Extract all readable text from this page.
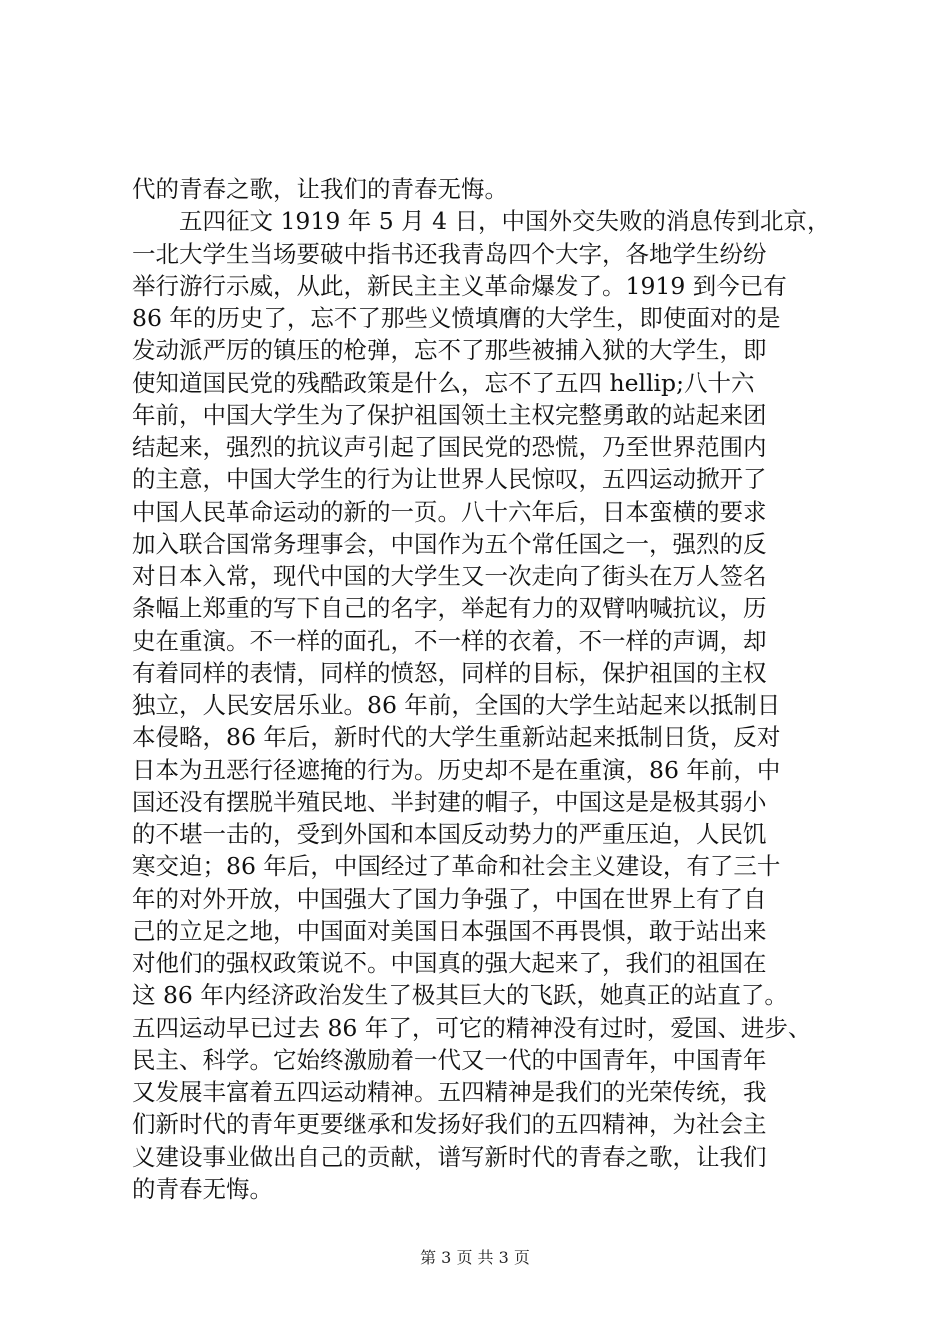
代的青春之歌，让我们的青春无悔。
　　五四征文 1919 年 5 月 4 日，中国外交失败的消息传到北京，
一北大学生当场要破中指书还我青岛四个大字，各地学生纷纷
举行游行示威，从此，新民主主义革命爆发了。1919 到今已有
86 年的历史了，忘不了那些义愤填膺的大学生，即使面对的是
发动派严厉的镇压的枪弹，忘不了那些被捕入狱的大学生，即
使知道国民党的残酷政策是什么，忘不了五四 hellip;八十六
年前，中国大学生为了保护祖国领土主权完整勇敢的站起来团
结起来，强烈的抗议声引起了国民党的恐慌，乃至世界范围内
的主意，中国大学生的行为让世界人民惊叹，五四运动掀开了
中国人民革命运动的新的一页。八十六年后，日本蛮横的要求
加入联合国常务理事会，中国作为五个常任国之一，强烈的反
对日本入常，现代中国的大学生又一次走向了街头在万人签名
条幅上郑重的写下自己的名字，举起有力的双臂呐喊抗议，历
史在重演。不一样的面孔，不一样的衣着，不一样的声调，却
有着同样的表情，同样的愤怒，同样的目标，保护祖国的主权
独立，人民安居乐业。86 年前，全国的大学生站起来以抵制日
本侵略，86 年后，新时代的大学生重新站起来抵制日货，反对
日本为丑恶行径遮掩的行为。历史却不是在重演，86 年前，中
国还没有摆脱半殖民地、半封建的帽子，中国这是是极其弱小
的不堪一击的，受到外国和本国反动势力的严重压迫，人民饥
寒交迫；86 年后，中国经过了革命和社会主义建设，有了三十
年的对外开放，中国强大了国力争强了，中国在世界上有了自
己的立足之地，中国面对美国日本强国不再畏惧，敢于站出来
对他们的强权政策说不。中国真的强大起来了，我们的祖国在
这 86 年内经济政治发生了极其巨大的飞跃，她真正的站直了。
五四运动早已过去 86 年了，可它的精神没有过时，爱国、进步、
民主、科学。它始终激励着一代又一代的中国青年，中国青年
又发展丰富着五四运动精神。五四精神是我们的光荣传统，我
们新时代的青年更要继承和发扬好我们的五四精神，为社会主
义建设事业做出自己的贡献，谱写新时代的青春之歌，让我们
的青春无悔。
第 3 页 共 3 页
